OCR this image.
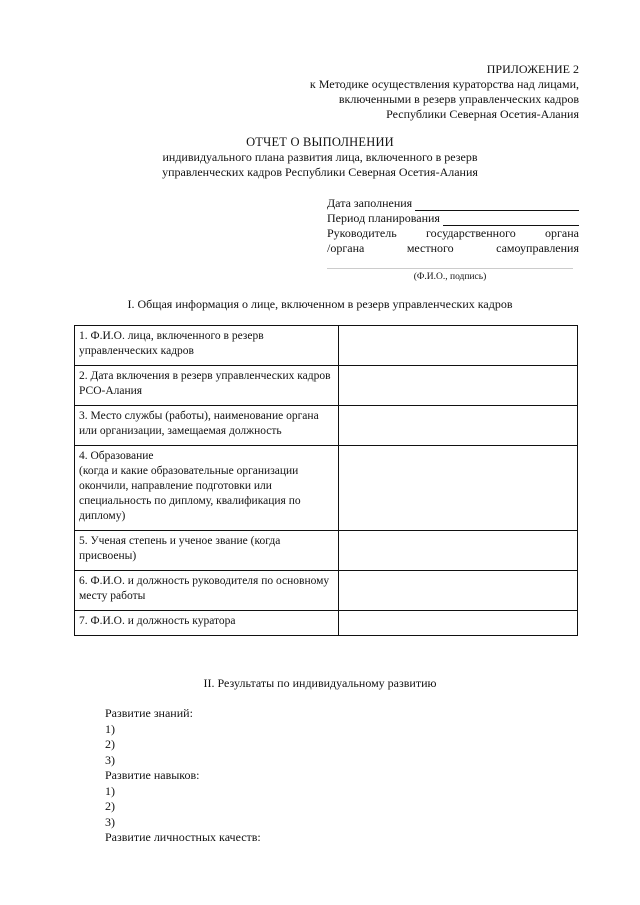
ПРИЛОЖЕНИЕ 2
к Методике осуществления кураторства над лицами,
включенными в резерв управленческих кадров
Республики Северная Осетия-Алания
ОТЧЕТ О ВЫПОЛНЕНИИ
индивидуального плана развития лица, включенного в резерв
управленческих кадров Республики Северная Осетия-Алания
Дата заполнения
Период планирования
Руководитель государственного органа
/органа	местного	самоуправления
(Ф.И.О., подпись)
I. Общая информация о лице, включенном в резерв управленческих кадров
1. Ф.И.О. лица, включенного в резерв управленческих кадров	
2. Дата включения в резерв управленческих кадров РСО-Алания	
3. Место службы (работы), наименование органа или организации, замещаемая должность	
4. Образование
(когда и какие образовательные организации окончили, направление подготовки или специальность по диплому, квалификация по диплому)	
5. Ученая степень и ученое звание (когда присвоены)	
6. Ф.И.О. и должность руководителя по основному месту работы	
7. Ф.И.О. и должность куратора	
II. Результаты по индивидуальному развитию
Развитие знаний:
1)
2)
3)
Развитие навыков:
1)
2)
3)
Развитие личностных качеств:
